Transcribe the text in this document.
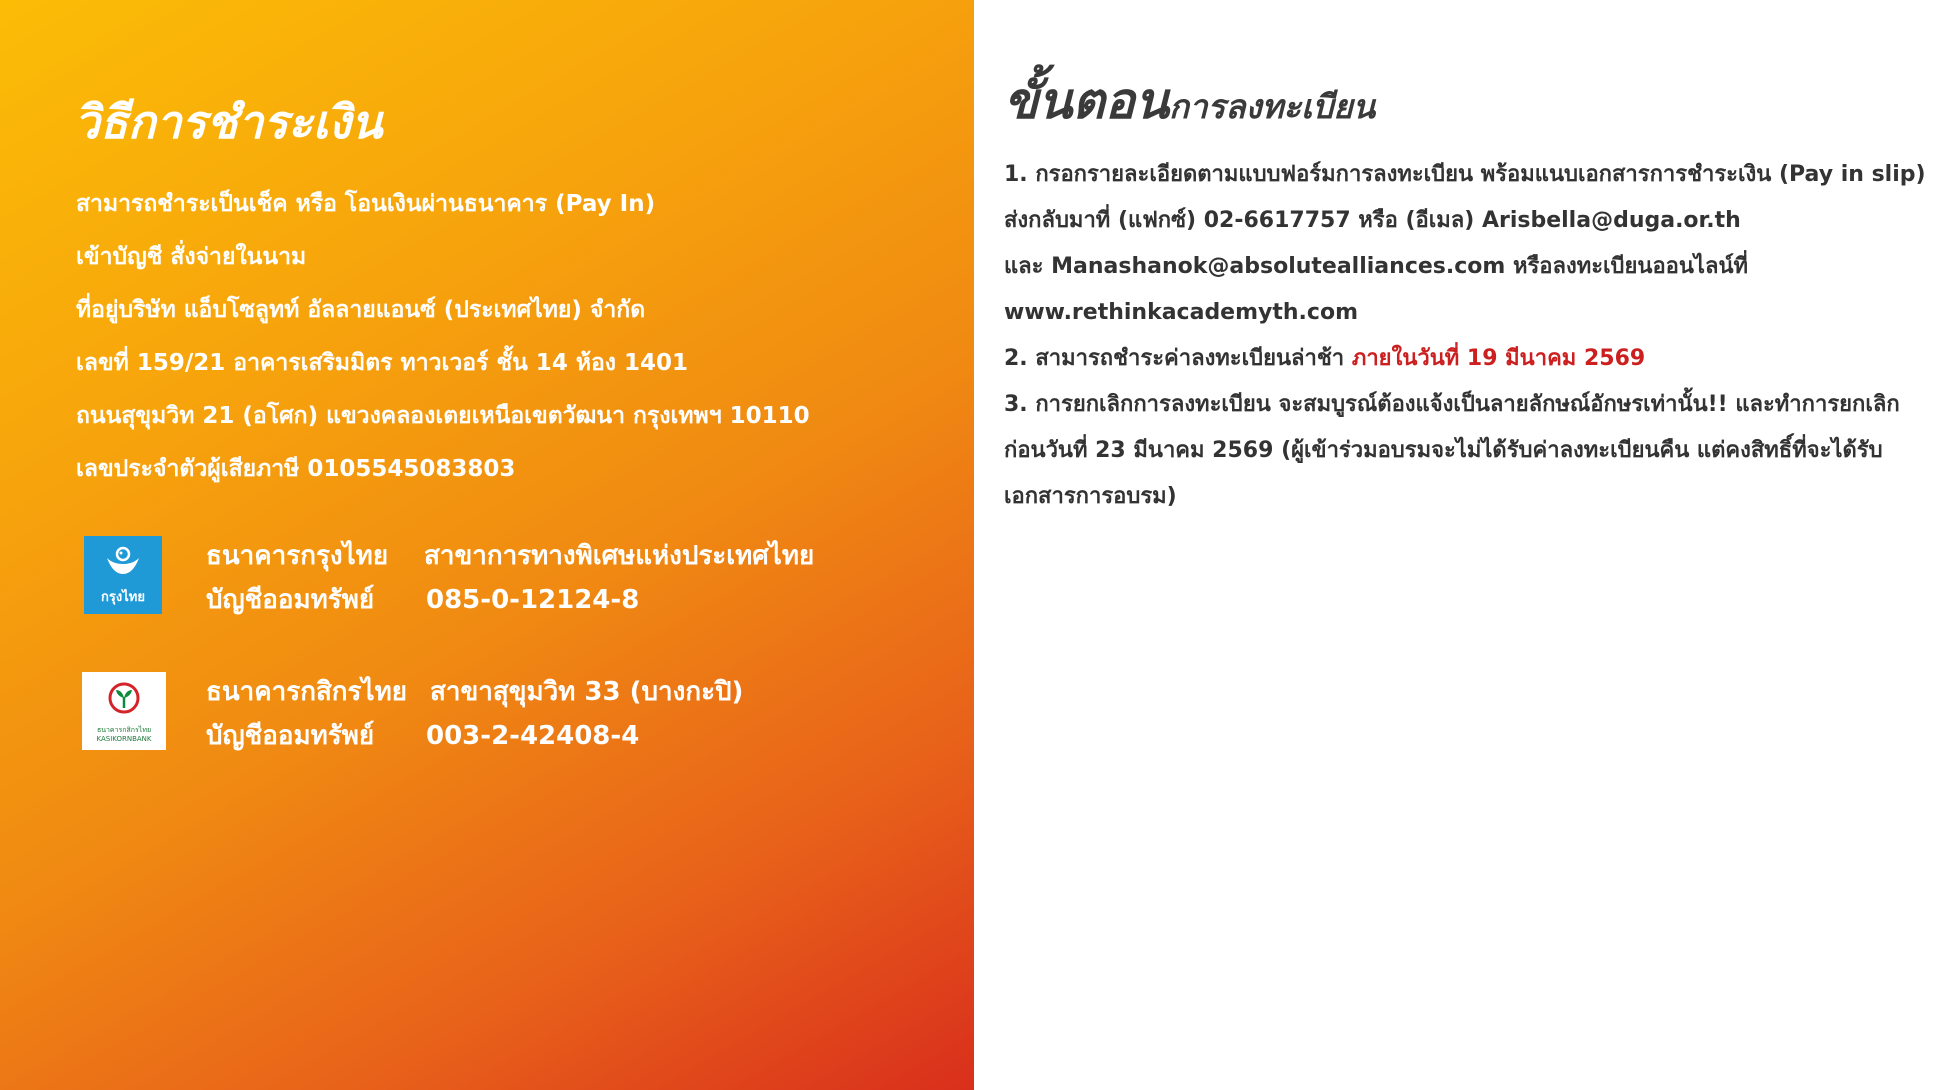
วิธีการชำระเงิน
สามารถชำระเป็นเช็ค หรือ โอนเงินผ่านธนาคาร (Pay In)
เข้าบัญชี สั่งจ่ายในนาม
ที่อยู่บริษัท แอ็บโซลูทท์ อัลลายแอนซ์ (ประเทศไทย) จำกัด
เลขที่ 159/21 อาคารเสริมมิตร ทาวเวอร์ ชั้น 14 ห้อง 1401
ถนนสุขุมวิท 21 (อโศก) แขวงคลองเตยเหนือเขตวัฒนา กรุงเทพฯ 10110
เลขประจำตัวผู้เสียภาษี 0105545083803
กรุงไทย
ธนาคารกรุงไทย สาขาการทางพิเศษแห่งประเทศไทย
บัญชีออมทรัพย์ 085-0-12124-8
ธนาคารกสิกรไทย KASIKORNBANK
ธนาคารกสิกรไทย สาขาสุขุมวิท 33 (บางกะปิ)
บัญชีออมทรัพย์ 003-2-42408-4
ขั้นตอนการลงทะเบียน
1. กรอกรายละเอียดตามแบบฟอร์มการลงทะเบียน พร้อมแนบเอกสารการชำระเงิน (Pay in slip)
ส่งกลับมาที่ (แฟกซ์) 02-6617757 หรือ (อีเมล) Arisbella@duga.or.th
และ Manashanok@absolutealliances.com หรือลงทะเบียนออนไลน์ที่
www.rethinkacademyth.com
2. สามารถชำระค่าลงทะเบียนล่าช้า ภายในวันที่ 19 มีนาคม 2569
3. การยกเลิกการลงทะเบียน จะสมบูรณ์ต้องแจ้งเป็นลายลักษณ์อักษรเท่านั้น!! และทำการยกเลิก
ก่อนวันที่ 23 มีนาคม 2569 (ผู้เข้าร่วมอบรมจะไม่ได้รับค่าลงทะเบียนคืน แต่คงสิทธิ์ที่จะได้รับ
เอกสารการอบรม)
